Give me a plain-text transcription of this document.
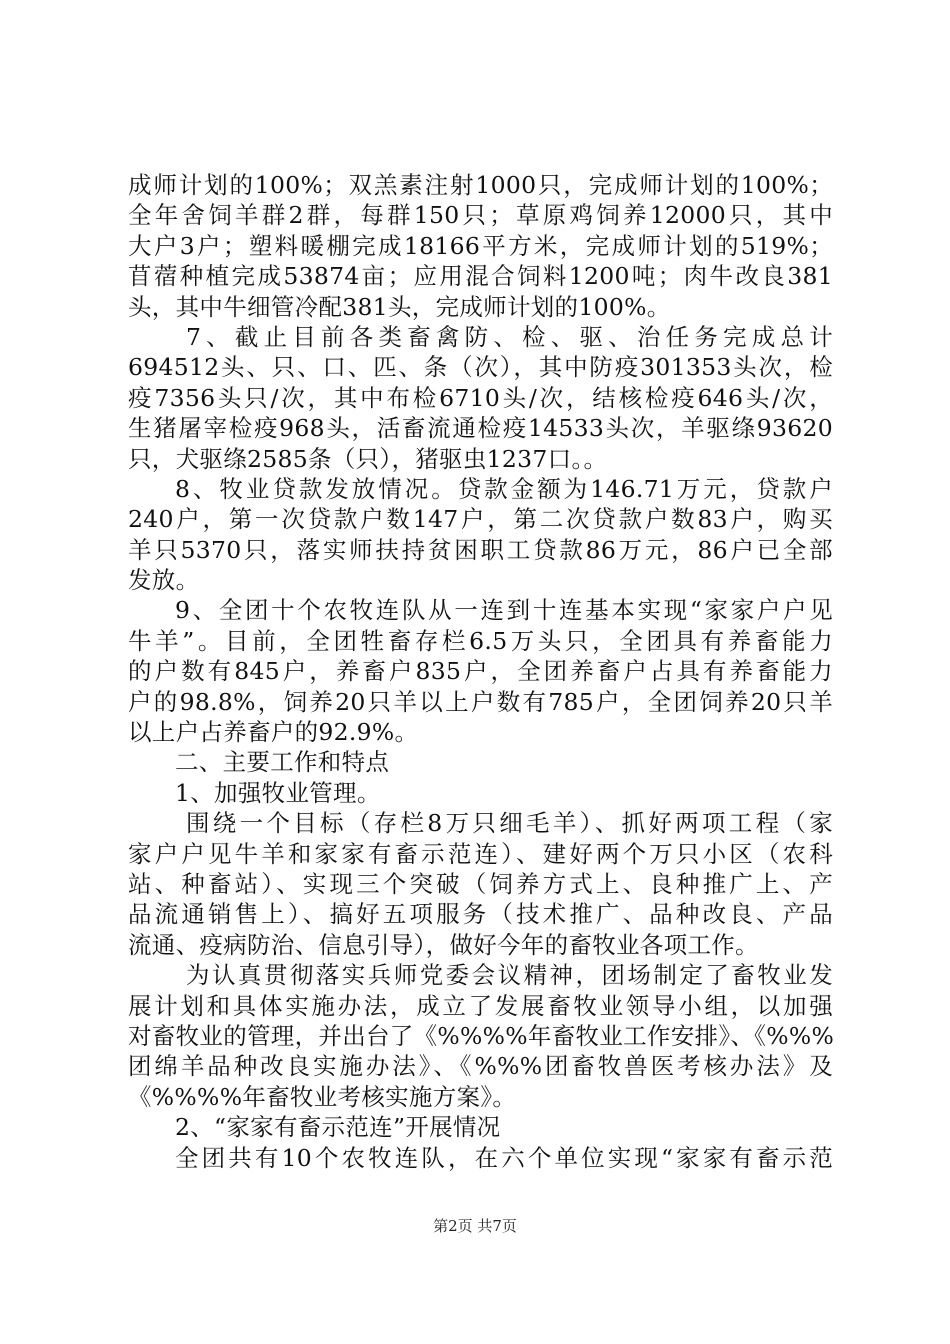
成师计划的100%；双羔素注射1000只，完成师计划的100%；
全年舍饲羊群2群，每群150只；草原鸡饲养12000只，其中
大户3户；塑料暖棚完成18166平方米，完成师计划的519%；
苜蓿种植完成53874亩；应用混合饲料1200吨；肉牛改良381
头，其中牛细管冷配381头，完成师计划的100%。
7、截止目前各类畜禽防、检、驱、治任务完成总计
694512头、只、口、匹、条（次），其中防疫301353头次，检
疫7356头只/次，其中布检6710头/次，结核检疫646头/次，
生猪屠宰检疫968头，活畜流通检疫14533头次，羊驱绦93620
只，犬驱绦2585条（只），猪驱虫1237口。。
8、牧业贷款发放情况。贷款金额为146.71万元，贷款户
240户，第一次贷款户数147户，第二次贷款户数83户，购买
羊只5370只，落实师扶持贫困职工贷款86万元，86户已全部
发放。
9、全团十个农牧连队从一连到十连基本实现“家家户户见
牛羊”。目前，全团牲畜存栏6.5万头只，全团具有养畜能力
的户数有845户，养畜户835户，全团养畜户占具有养畜能力
户的98.8%，饲养20只羊以上户数有785户，全团饲养20只羊
以上户占养畜户的92.9%。
二、主要工作和特点
1、加强牧业管理。
围绕一个目标（存栏8万只细毛羊）、抓好两项工程（家
家户户见牛羊和家家有畜示范连）、建好两个万只小区（农科
站、种畜站）、实现三个突破（饲养方式上、良种推广上、产
品流通销售上）、搞好五项服务（技术推广、品种改良、产品
流通、疫病防治、信息引导），做好今年的畜牧业各项工作。
为认真贯彻落实兵师党委会议精神，团场制定了畜牧业发
展计划和具体实施办法，成立了发展畜牧业领导小组，以加强
对畜牧业的管理，并出台了《%%%%年畜牧业工作安排》、《%%%
团绵羊品种改良实施办法》、《%%%团畜牧兽医考核办法》及
《%%%%年畜牧业考核实施方案》。
2、“家家有畜示范连”开展情况
全团共有10个农牧连队，在六个单位实现“家家有畜示范
第2页 共7页
